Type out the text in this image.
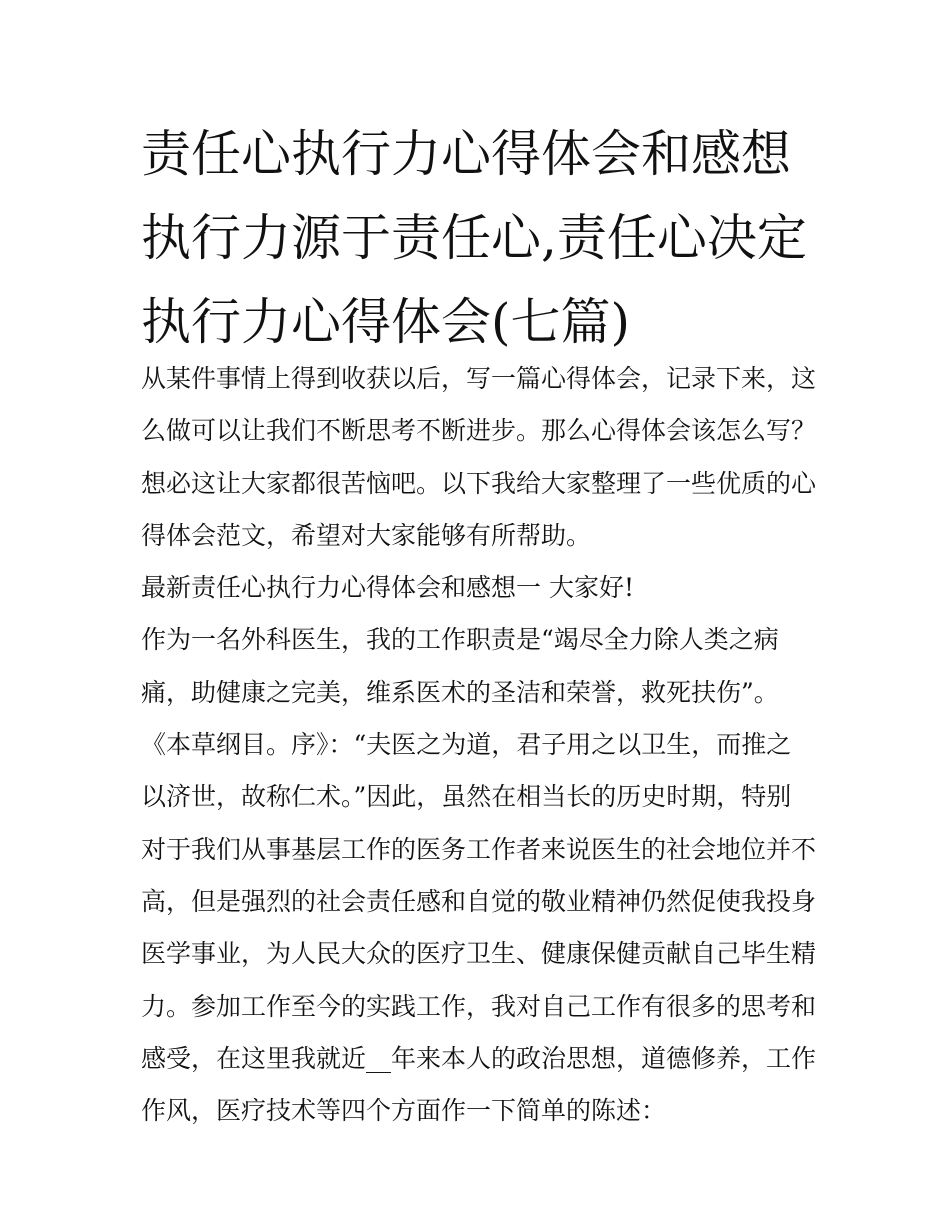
责任心执行力心得体会和感想
执行力源于责任心,责任心决定
执行力心得体会(七篇)
从某件事情上得到收获以后，写一篇心得体会，记录下来，这
么做可以让我们不断思考不断进步。那么心得体会该怎么写？
想必这让大家都很苦恼吧。以下我给大家整理了一些优质的心
得体会范文，希望对大家能够有所帮助。
最新责任心执行力心得体会和感想一 大家好!
作为一名外科医生，我的工作职责是“竭尽全力除人类之病
痛，助健康之完美，维系医术的圣洁和荣誉，救死扶伤”。
《本草纲目。序》：“夫医之为道，君子用之以卫生，而推之
以济世，故称仁术。”因此，虽然在相当长的历史时期，特别
对于我们从事基层工作的医务工作者来说医生的社会地位并不
高，但是强烈的社会责任感和自觉的敬业精神仍然促使我投身
医学事业，为人民大众的医疗卫生、健康保健贡献自己毕生精
力。参加工作至今的实践工作，我对自己工作有很多的思考和
感受，在这里我就近__年来本人的政治思想，道德修养，工作
作风，医疗技术等四个方面作一下简单的陈述：
